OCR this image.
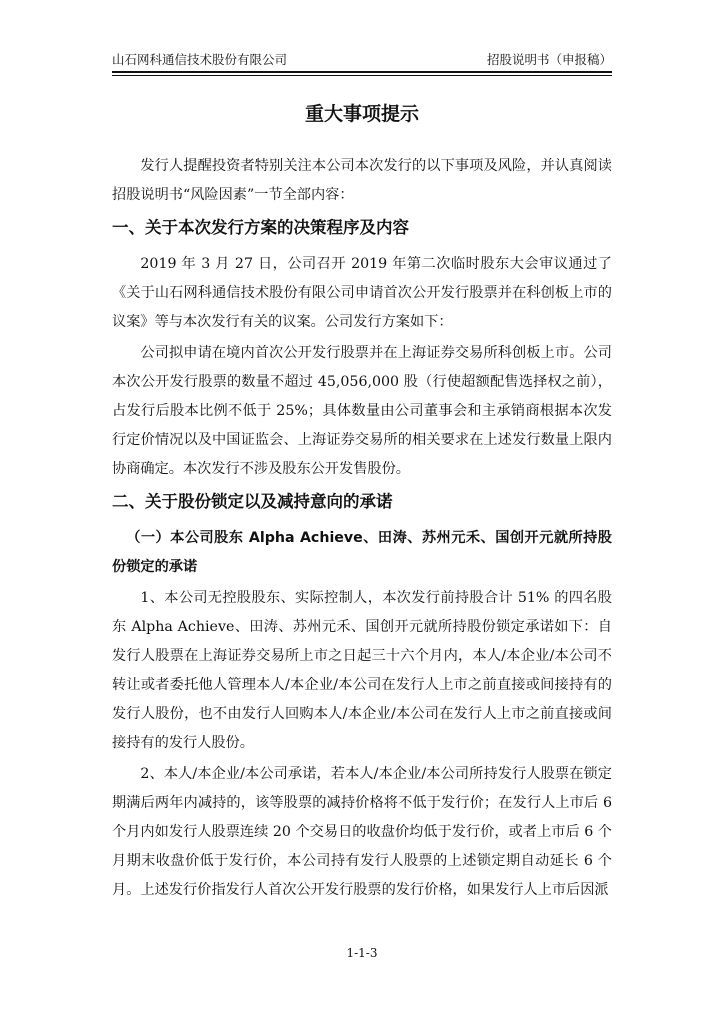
山石网科通信技术股份有限公司	招股说明书（申报稿）
重大事项提示

发行人提醒投资者特别关注本公司本次发行的以下事项及风险，并认真阅读招股说明书“风险因素”一节全部内容：

一、关于本次发行方案的决策程序及内容

2019 年 3 月 27 日，公司召开 2019 年第二次临时股东大会审议通过了《关于山石网科通信技术股份有限公司申请首次公开发行股票并在科创板上市的议案》等与本次发行有关的议案。公司发行方案如下：

公司拟申请在境内首次公开发行股票并在上海证券交易所科创板上市。公司本次公开发行股票的数量不超过 45,056,000 股（行使超额配售选择权之前），占发行后股本比例不低于 25%；具体数量由公司董事会和主承销商根据本次发行定价情况以及中国证监会、上海证券交易所的相关要求在上述发行数量上限内协商确定。本次发行不涉及股东公开发售股份。

二、关于股份锁定以及减持意向的承诺
（一）本公司股东 Alpha Achieve、田涛、苏州元禾、国创开元就所持股份锁定的承诺

1、本公司无控股股东、实际控制人，本次发行前持股合计 51% 的四名股东 Alpha Achieve、田涛、苏州元禾、国创开元就所持股份锁定承诺如下：自发行人股票在上海证券交易所上市之日起三十六个月内，本人/本企业/本公司不转让或者委托他人管理本人/本企业/本公司在发行人上市之前直接或间接持有的发行人股份，也不由发行人回购本人/本企业/本公司在发行人上市之前直接或间接持有的发行人股份。

2、本人/本企业/本公司承诺，若本人/本企业/本公司所持发行人股票在锁定期满后两年内减持的，该等股票的减持价格将不低于发行价；在发行人上市后 6 个月内如发行人股票连续 20 个交易日的收盘价均低于发行价，或者上市后 6 个月期末收盘价低于发行价，本公司持有发行人股票的上述锁定期自动延长 6 个月。上述发行价指发行人首次公开发行股票的发行价格，如果发行人上市后因派

1-1-3
